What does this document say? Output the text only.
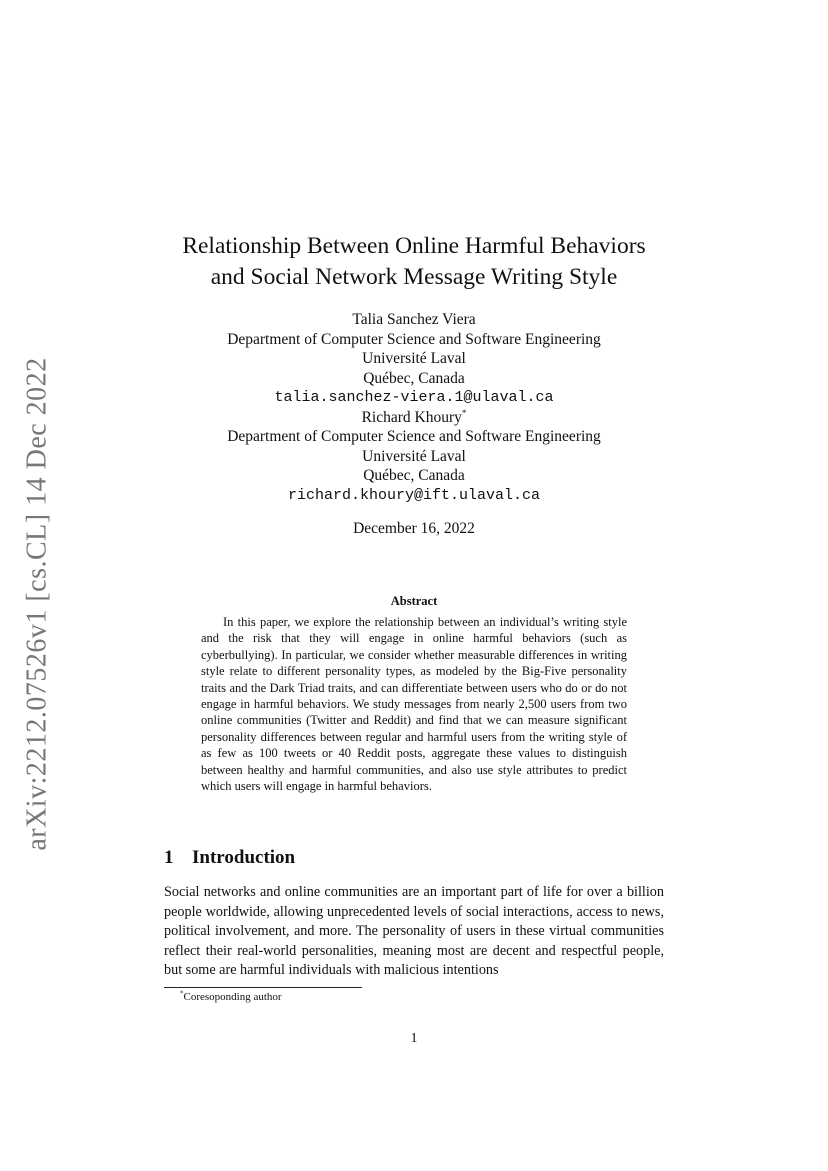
arXiv:2212.07526v1 [cs.CL] 14 Dec 2022
Relationship Between Online Harmful Behaviors
and Social Network Message Writing Style
Talia Sanchez Viera
Department of Computer Science and Software Engineering
Université Laval
Québec, Canada
talia.sanchez-viera.1@ulaval.ca
Richard Khoury*
Department of Computer Science and Software Engineering
Université Laval
Québec, Canada
richard.khoury@ift.ulaval.ca
December 16, 2022
Abstract

In this paper, we explore the relationship between an individual’s writing style and the risk that they will engage in online harmful behaviors (such as cyberbullying). In particular, we consider whether measurable differences in writing style relate to different personality types, as modeled by the Big-Five personality traits and the Dark Triad traits, and can differentiate between users who do or do not engage in harmful behaviors. We study messages from nearly 2,500 users from two online communities (Twitter and Reddit) and find that we can measure significant personality differences between regular and harmful users from the writing style of as few as 100 tweets or 40 Reddit posts, aggregate these values to distinguish between healthy and harmful communities, and also use style attributes to predict which users will engage in harmful behaviors.

1 Introduction

Social networks and online communities are an important part of life for over a billion people worldwide, allowing unprecedented levels of social interactions, access to news, political involvement, and more. The personality of users in these virtual communities reflect their real-world personalities, meaning most are decent and respectful people, but some are harmful individuals with malicious intentions

*Coresoponding author
1
